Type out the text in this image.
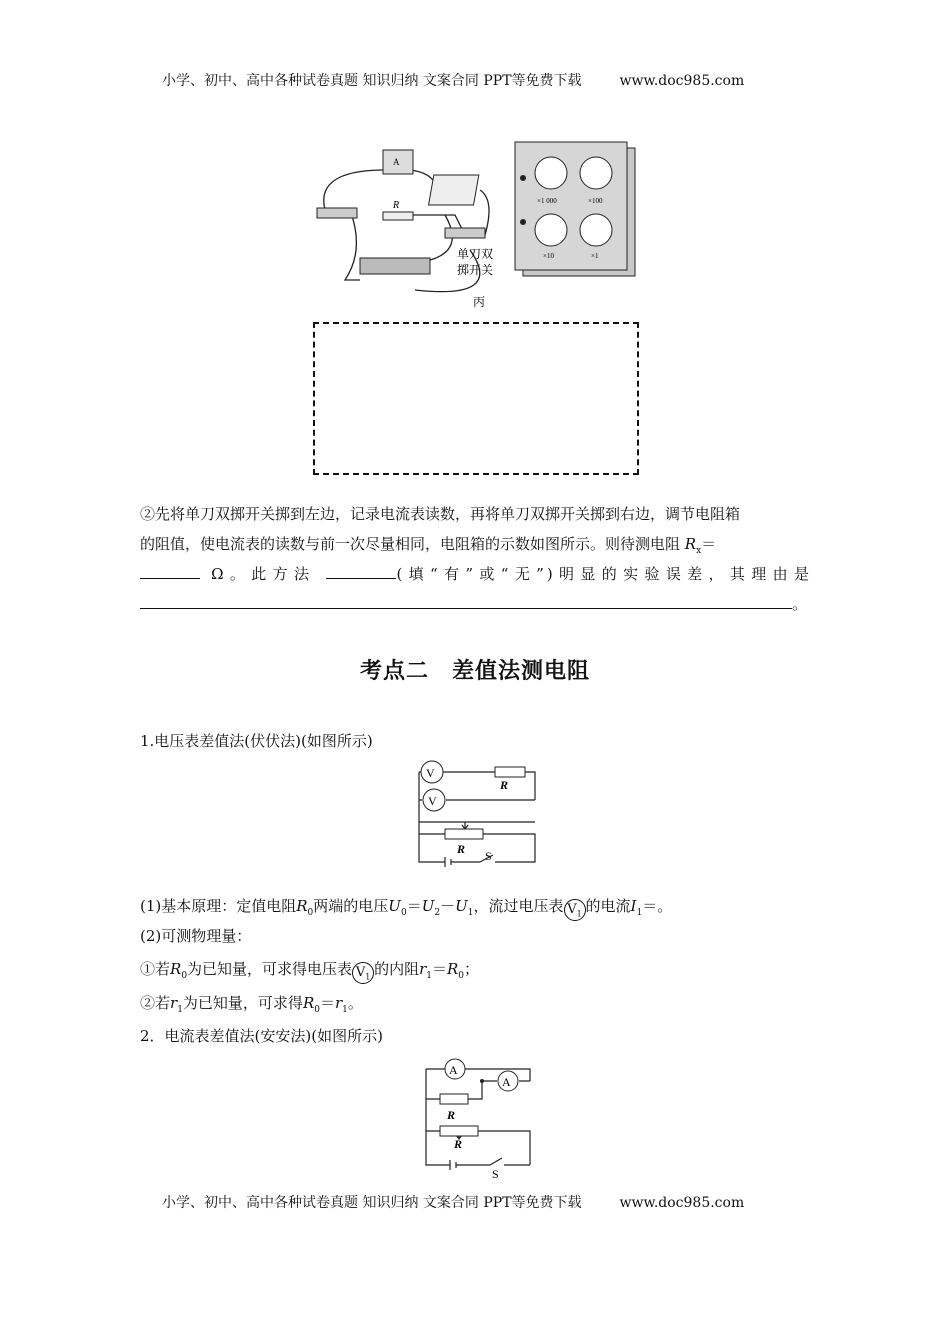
小学、初中、高中各种试卷真题 知识归纳 文案合同 PPT等免费下载	www.doc985.com
A
R
单刀双
掷开关
丙
×1 000	×100
×10	×1
②先将单刀双掷开关掷到左边，记录电流表读数，再将单刀双掷开关掷到右边，调节电阻箱
的阻值，使电流表的读数与前一次尽量相同，电阻箱的示数如图所示。则待测电阻 $R_x=$
Ω。此方法	(填“有”或“无”)明显的实验误差，其理由是
。
考点二　差值法测电阻
1.电压表差值法(伏伏法)(如图所示)
V
V
R
R S
(1)基本原理：定值电阻$R_0$两端的电压$U_0=U_2-U_1$，流过电压表 $V_1$ 的电流$I_1=$。
(2)可测物理量：
①若$R_0$为已知量，可求得电压表 $V_1$ 的内阻$r_1=R_0$；
②若$r_1$为已知量，可求得$R_0=r_1$。
2．电流表差值法(安安法)(如图所示)
A
A
R
R
S
小学、初中、高中各种试卷真题 知识归纳 文案合同 PPT等免费下载	www.doc985.com
